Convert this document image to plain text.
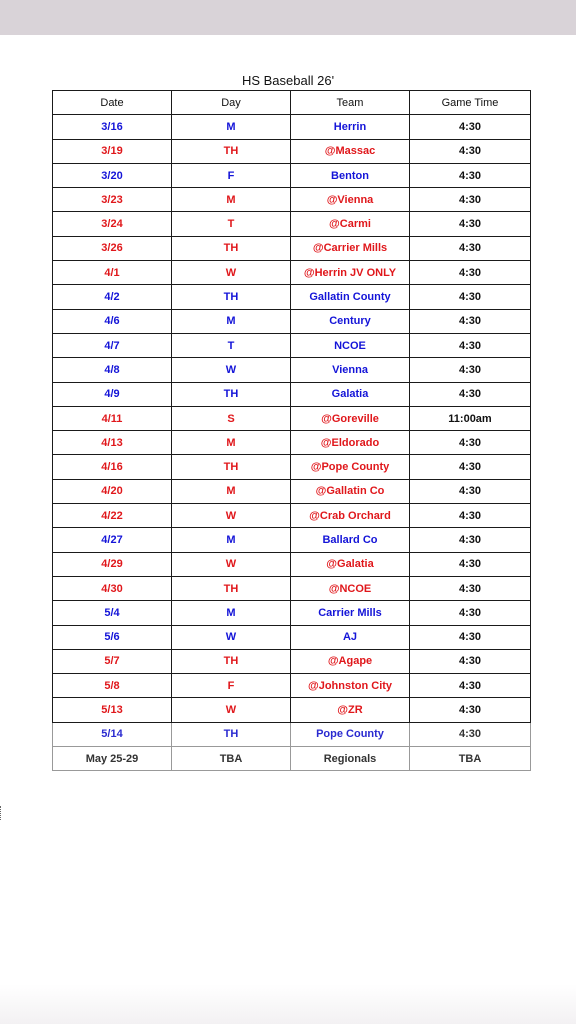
HS Baseball 26'
Date	Day	Team	Game Time
3/16	M	Herrin	4:30
3/19	TH	@Massac	4:30
3/20	F	Benton	4:30
3/23	M	@Vienna	4:30
3/24	T	@Carmi	4:30
3/26	TH	@Carrier Mills	4:30
4/1	W	@Herrin JV ONLY	4:30
4/2	TH	Gallatin County	4:30
4/6	M	Century	4:30
4/7	T	NCOE	4:30
4/8	W	Vienna	4:30
4/9	TH	Galatia	4:30
4/11	S	@Goreville	11:00am
4/13	M	@Eldorado	4:30
4/16	TH	@Pope County	4:30
4/20	M	@Gallatin Co	4:30
4/22	W	@Crab Orchard	4:30
4/27	M	Ballard Co	4:30
4/29	W	@Galatia	4:30
4/30	TH	@NCOE	4:30
5/4	M	Carrier Mills	4:30
5/6	W	AJ	4:30
5/7	TH	@Agape	4:30
5/8	F	@Johnston City	4:30
5/13	W	@ZR	4:30
5/14	TH	Pope County	4:30
May 25-29	TBA	Regionals	TBA
